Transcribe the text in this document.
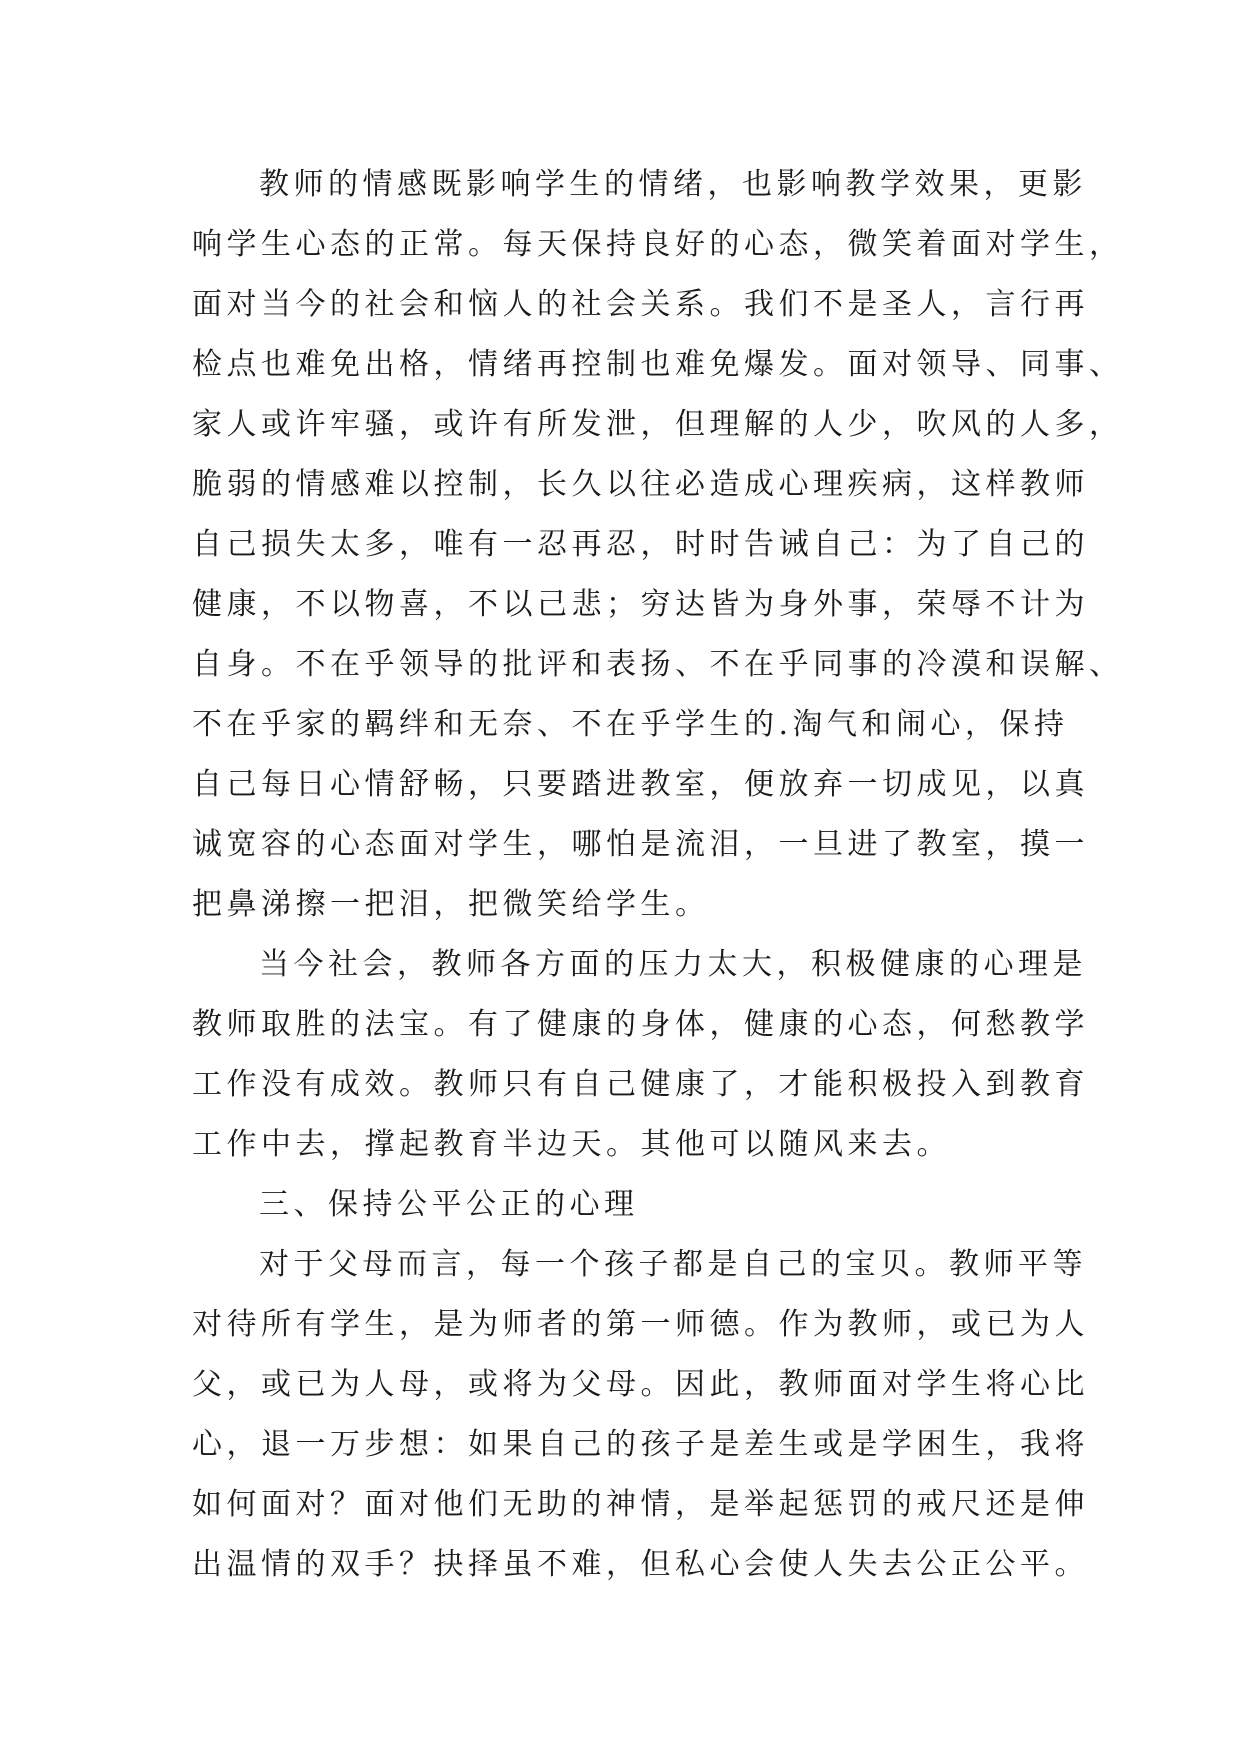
教师的情感既影响学生的情绪，也影响教学效果，更影
响学生心态的正常。每天保持良好的心态，微笑着面对学生，
面对当今的社会和恼人的社会关系。我们不是圣人，言行再
检点也难免出格，情绪再控制也难免爆发。面对领导、同事、
家人或许牢骚，或许有所发泄，但理解的人少，吹风的人多，
脆弱的情感难以控制，长久以往必造成心理疾病，这样教师
自己损失太多，唯有一忍再忍，时时告诫自己：为了自己的
健康，不以物喜，不以己悲；穷达皆为身外事，荣辱不计为
自身。不在乎领导的批评和表扬、不在乎同事的冷漠和误解、
不在乎家的羁绊和无奈、不在乎学生的.淘气和闹心，保持
自己每日心情舒畅，只要踏进教室，便放弃一切成见，以真
诚宽容的心态面对学生，哪怕是流泪，一旦进了教室，摸一
把鼻涕擦一把泪，把微笑给学生。
当今社会，教师各方面的压力太大，积极健康的心理是
教师取胜的法宝。有了健康的身体，健康的心态，何愁教学
工作没有成效。教师只有自己健康了，才能积极投入到教育
工作中去，撑起教育半边天。其他可以随风来去。
三、保持公平公正的心理
对于父母而言，每一个孩子都是自己的宝贝。教师平等
对待所有学生，是为师者的第一师德。作为教师，或已为人
父，或已为人母，或将为父母。因此，教师面对学生将心比
心，退一万步想：如果自己的孩子是差生或是学困生，我将
如何面对？面对他们无助的神情，是举起惩罚的戒尺还是伸
出温情的双手？抉择虽不难，但私心会使人失去公正公平。
